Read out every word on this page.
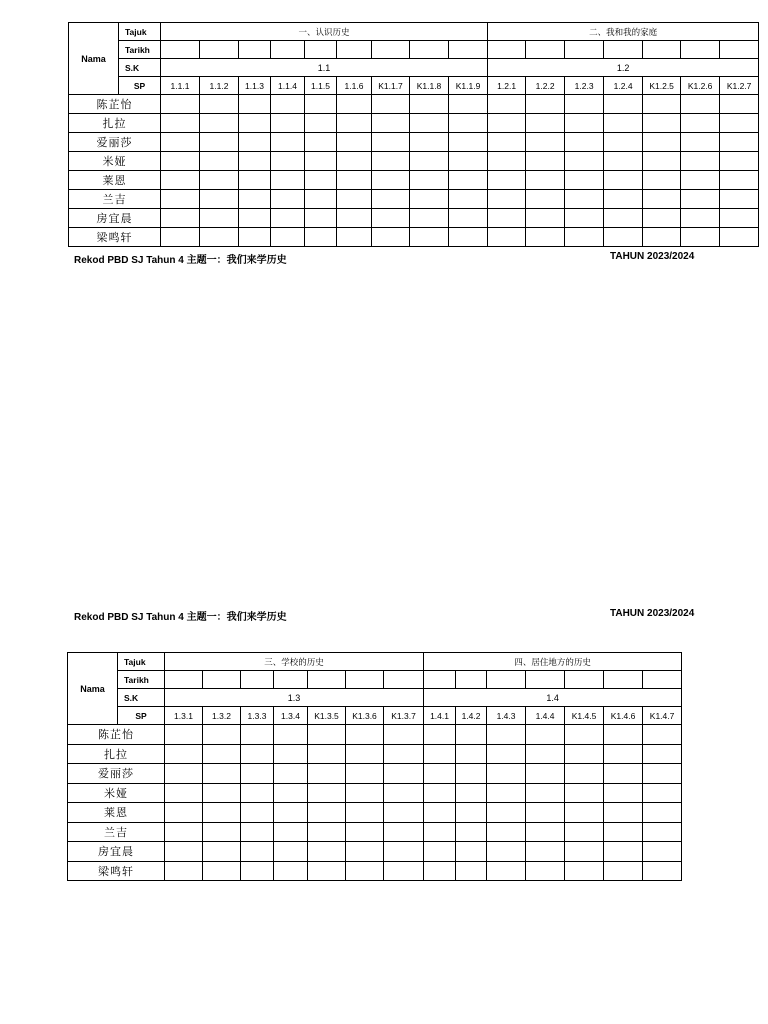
Nama	Tajuk	一、认识历史									二、我和我的家庭						
	Tarikh																
	S.K	1.1									1.2						
	SP	1.1.1	1.1.2	1.1.3	1.1.4	1.1.5	1.1.6	K1.1.7	K1.1.8	K1.1.9	1.2.1	1.2.2	1.2.3	1.2.4	K1.2.5	K1.2.6	K1.2.7
陈芷怡																	
扎拉																	
爱丽莎																	
米娅																	
莱恩																	
兰吉																	
房宜晨																	
梁鸣轩																	
Rekod PBD SJ Tahun 4 主题一：我们来学历史	TAHUN 2023/2024
Rekod PBD SJ Tahun 4 主题一：我们来学历史	TAHUN 2023/2024
Nama	Tajuk	三、学校的历史							四、居住地方的历史						
	Tarikh														
	S.K	1.3							1.4						
	SP	1.3.1	1.3.2	1.3.3	1.3.4	K1.3.5	K1.3.6	K1.3.7	1.4.1	1.4.2	1.4.3	1.4.4	K1.4.5	K1.4.6	K1.4.7
陈芷怡															
扎拉															
爱丽莎															
米娅															
莱恩															
兰吉															
房宜晨															
梁鸣轩															
